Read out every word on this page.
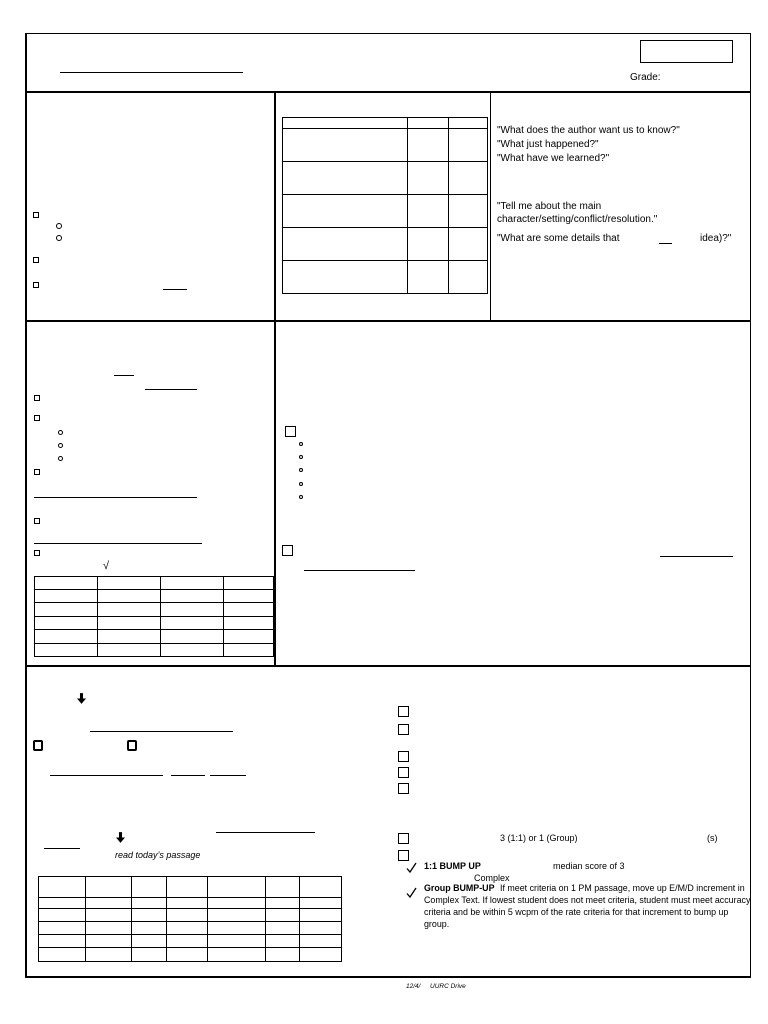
Grade:

"What does the author want us to know?"
"What just happened?"
"What have we learned?"
"Tell me about the main character/setting/conflict/resolution."
"What are some details that	idea)?"
√

read today’s passage

3 (1:1) or 1 (Group)	(s)
1:1 BUMP UP	median score of 3
Complex
Group BUMP-UP If meet criteria on 1 PM passage, move up E/M/D increment in
Complex Text. If lowest student does not meet criteria, student must meet accuracy
criteria and be within 5 wcpm of the rate criteria for that increment to bump up
group.
12/4/ UURC Drive
